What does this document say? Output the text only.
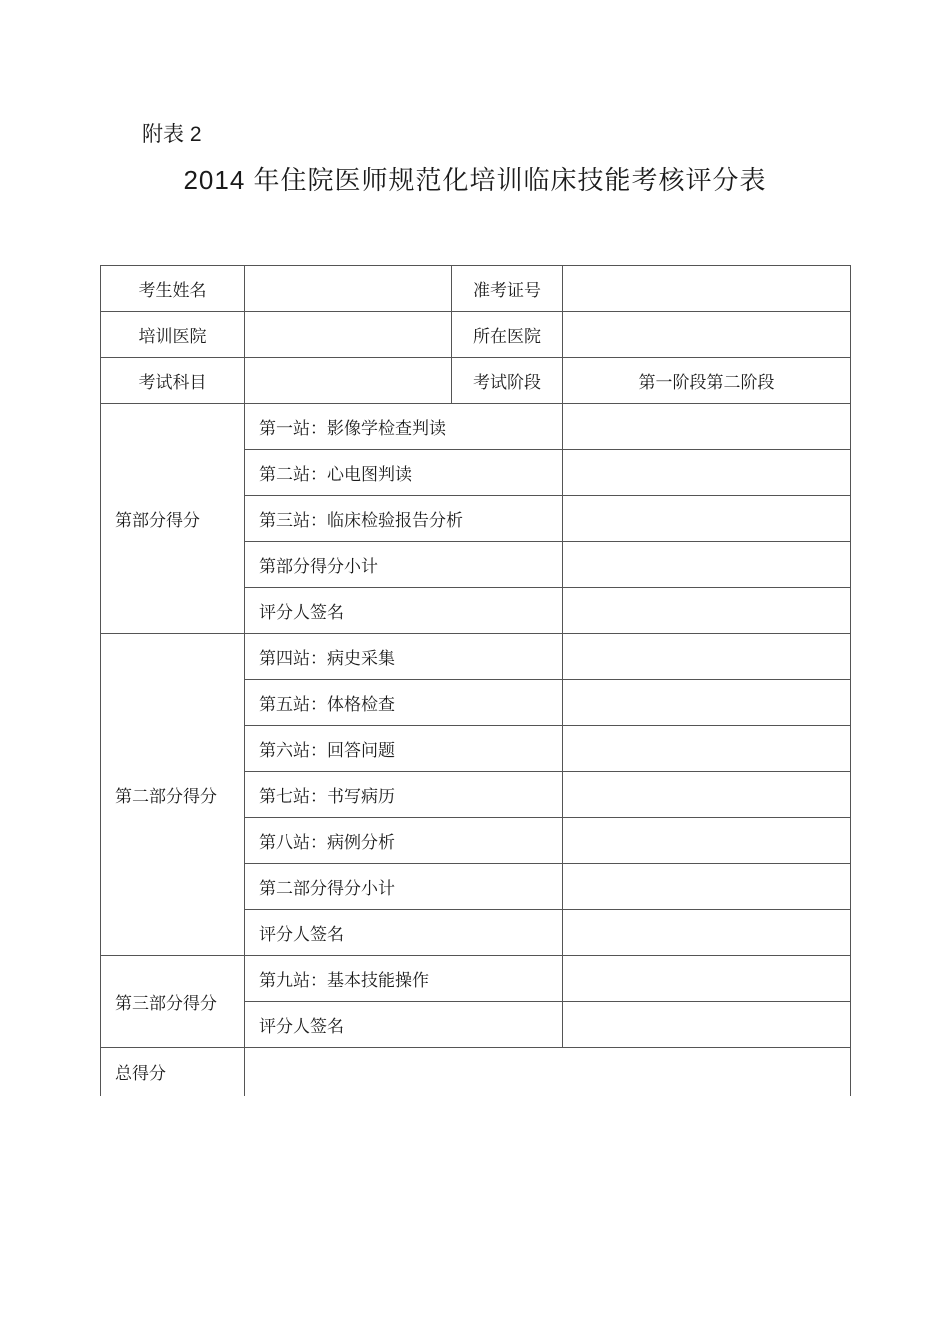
附表 2
2014 年住院医师规范化培训临床技能考核评分表
考生姓名		准考证号	
培训医院		所在医院	
考试科目		考试阶段	第一阶段第二阶段
第部分得分	第一站：影像学检查判读		
	第二站：心电图判读		
	第三站：临床检验报告分析		
	第部分得分小计		
	评分人签名		
第二部分得分	第四站：病史采集		
	第五站：体格检查		
	第六站：回答问题		
	第七站：书写病历		
	第八站：病例分析		
	第二部分得分小计		
	评分人签名		
第三部分得分	第九站：基本技能操作		
	评分人签名		
总得分			
